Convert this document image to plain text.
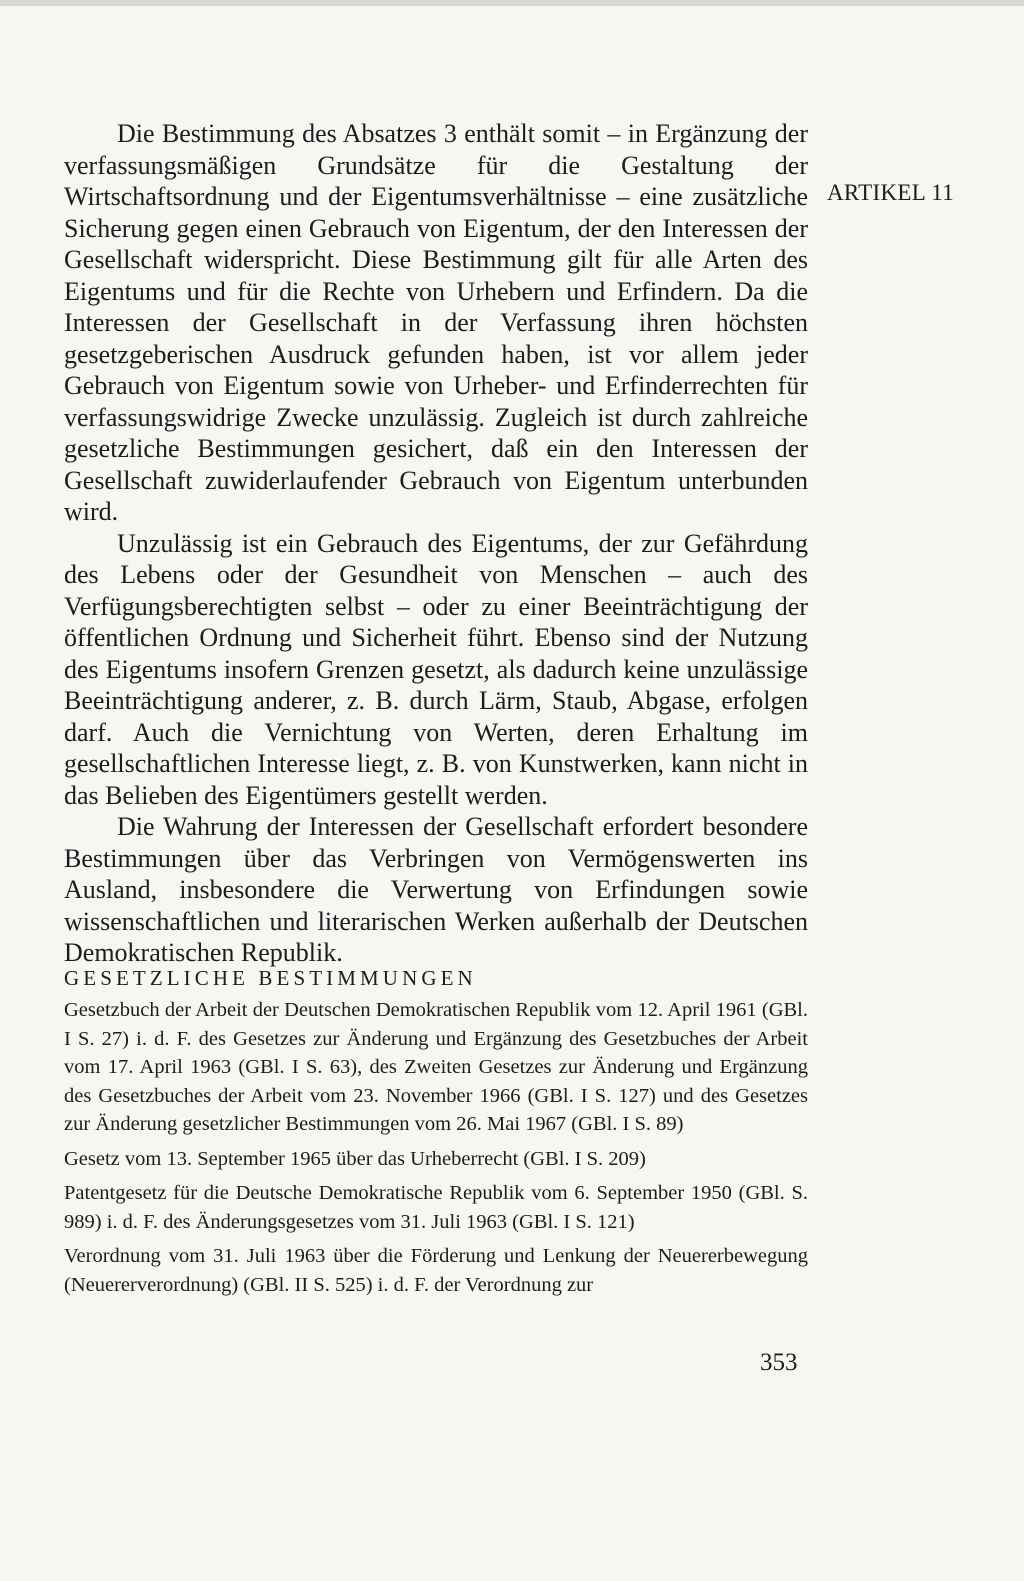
ARTIKEL 11

Die Bestimmung des Absatzes 3 enthält somit – in Ergänzung der verfassungsmäßigen Grundsätze für die Gestaltung der Wirtschaftsordnung und der Eigentumsverhältnisse – eine zusätzliche Sicherung gegen einen Gebrauch von Eigentum, der den Interessen der Gesellschaft widerspricht. Diese Bestimmung gilt für alle Arten des Eigentums und für die Rechte von Urhebern und Erfindern. Da die Interessen der Gesellschaft in der Verfassung ihren höchsten gesetzgeberischen Ausdruck gefunden haben, ist vor allem jeder Gebrauch von Eigentum sowie von Urheber- und Erfinderrechten für verfassungswidrige Zwecke unzulässig. Zugleich ist durch zahlreiche gesetzliche Bestimmungen gesichert, daß ein den Interessen der Gesellschaft zuwiderlaufender Gebrauch von Eigentum unterbunden wird.

Unzulässig ist ein Gebrauch des Eigentums, der zur Gefährdung des Lebens oder der Gesundheit von Menschen – auch des Verfügungsberechtigten selbst – oder zu einer Beeinträchtigung der öffentlichen Ordnung und Sicherheit führt. Ebenso sind der Nutzung des Eigentums insofern Grenzen gesetzt, als dadurch keine unzulässige Beeinträchtigung anderer, z. B. durch Lärm, Staub, Abgase, erfolgen darf. Auch die Vernichtung von Werten, deren Erhaltung im gesellschaftlichen Interesse liegt, z. B. von Kunstwerken, kann nicht in das Belieben des Eigentümers gestellt werden.

Die Wahrung der Interessen der Gesellschaft erfordert besondere Bestimmungen über das Verbringen von Vermögenswerten ins Ausland, insbesondere die Verwertung von Erfindungen sowie wissenschaftlichen und literarischen Werken außerhalb der Deutschen Demokratischen Republik.

GESETZLICHE BESTIMMUNGEN

Gesetzbuch der Arbeit der Deutschen Demokratischen Republik vom 12. April 1961 (GBl. I S. 27) i. d. F. des Gesetzes zur Änderung und Ergänzung des Gesetzbuches der Arbeit vom 17. April 1963 (GBl. I S. 63), des Zweiten Gesetzes zur Änderung und Ergänzung des Gesetzbuches der Arbeit vom 23. November 1966 (GBl. I S. 127) und des Gesetzes zur Änderung gesetzlicher Bestimmungen vom 26. Mai 1967 (GBl. I S. 89)

Gesetz vom 13. September 1965 über das Urheberrecht (GBl. I S. 209)

Patentgesetz für die Deutsche Demokratische Republik vom 6. September 1950 (GBl. S. 989) i. d. F. des Änderungsgesetzes vom 31. Juli 1963 (GBl. I S. 121)

Verordnung vom 31. Juli 1963 über die Förderung und Lenkung der Neuererbewegung (Neuererverordnung) (GBl. II S. 525) i. d. F. der Verordnung zur

353
